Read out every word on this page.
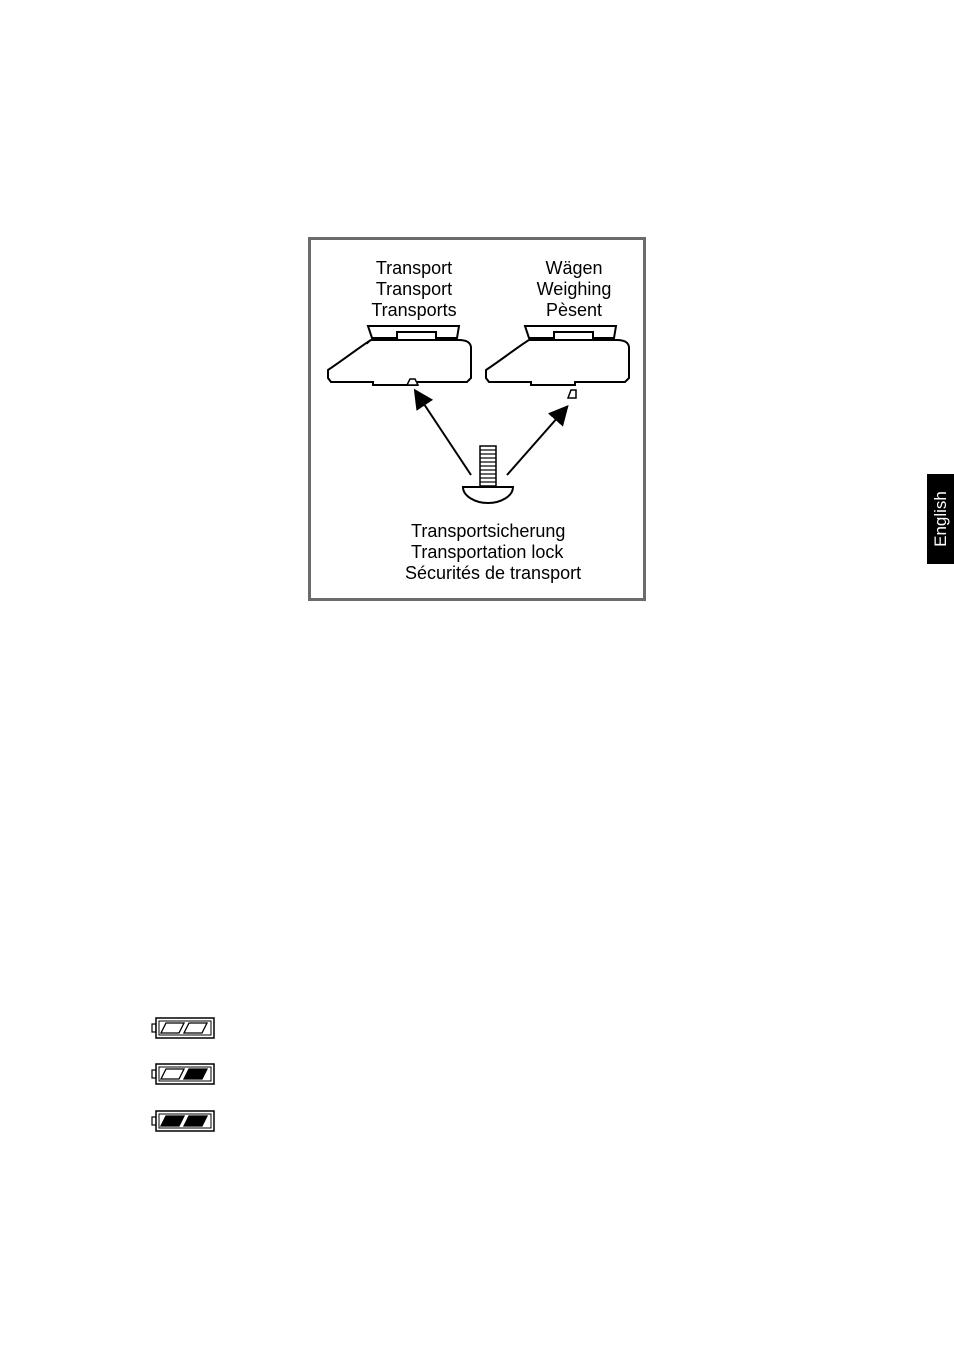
Transport
Transport
Transports
Wägen
Weighing
Pèsent
Transportsicherung
Transportation lock
Sécurités de transport
English
